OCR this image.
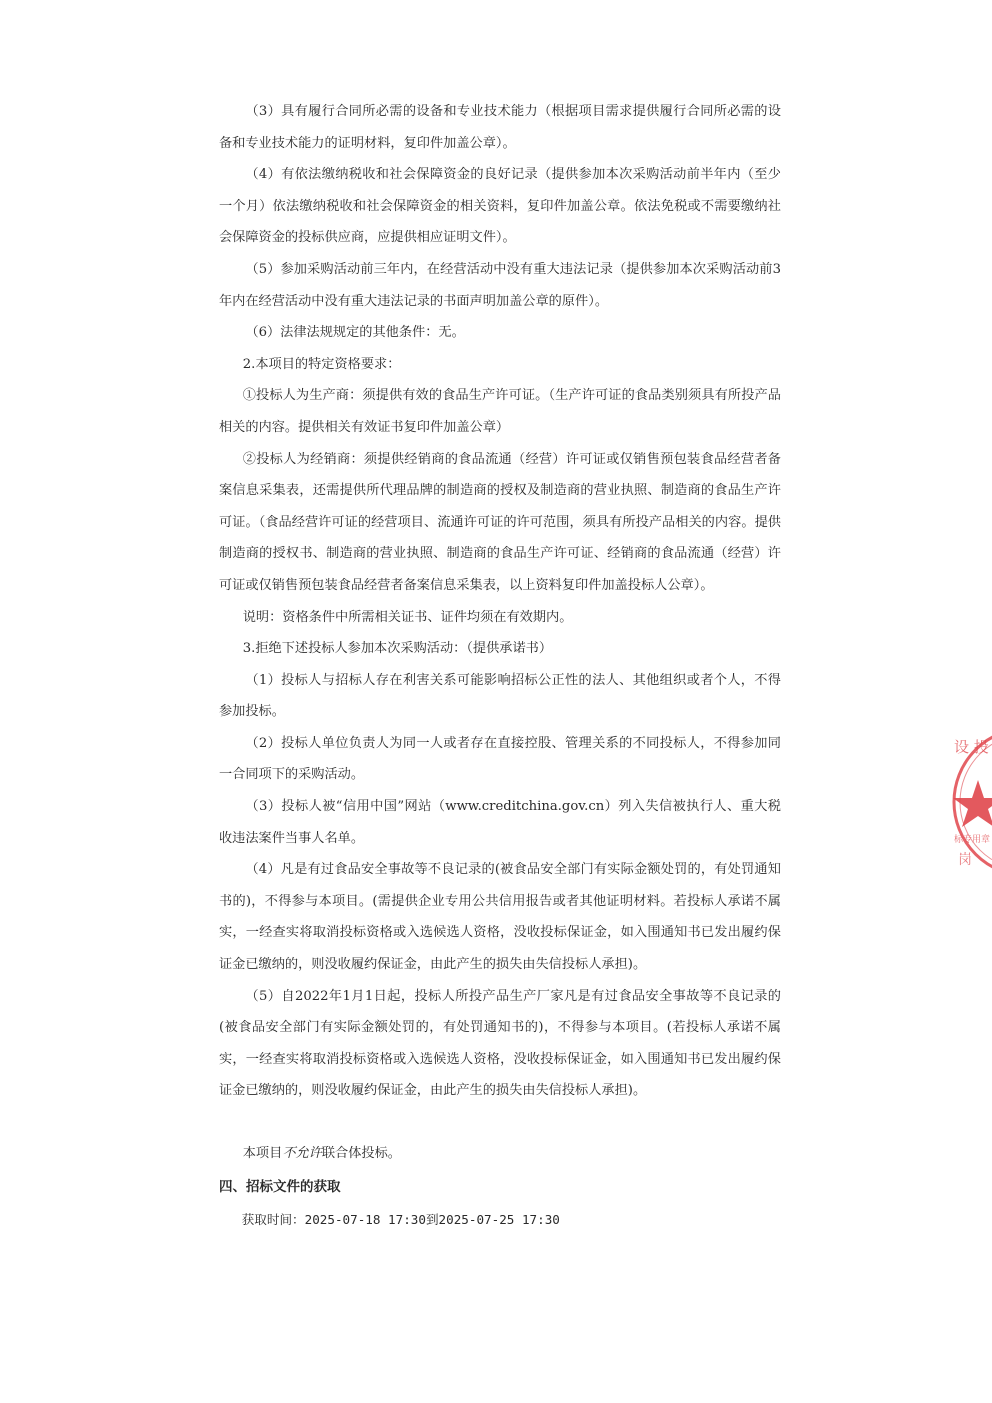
（3）具有履行合同所必需的设备和专业技术能力（根据项目需求提供履行合同所必需的设备和专业技术能力的证明材料，复印件加盖公章）。

（4）有依法缴纳税收和社会保障资金的良好记录（提供参加本次采购活动前半年内（至少一个月）依法缴纳税收和社会保障资金的相关资料，复印件加盖公章。依法免税或不需要缴纳社会保障资金的投标供应商，应提供相应证明文件）。

（5）参加采购活动前三年内，在经营活动中没有重大违法记录（提供参加本次采购活动前3年内在经营活动中没有重大违法记录的书面声明加盖公章的原件）。

（6）法律法规规定的其他条件：无。

2.本项目的特定资格要求：

①投标人为生产商：须提供有效的食品生产许可证。（生产许可证的食品类别须具有所投产品相关的内容。提供相关有效证书复印件加盖公章）

②投标人为经销商：须提供经销商的食品流通（经营）许可证或仅销售预包装食品经营者备案信息采集表，还需提供所代理品牌的制造商的授权及制造商的营业执照、制造商的食品生产许可证。（食品经营许可证的经营项目、流通许可证的许可范围，须具有所投产品相关的内容。提供制造商的授权书、制造商的营业执照、制造商的食品生产许可证、经销商的食品流通（经营）许可证或仅销售预包装食品经营者备案信息采集表，以上资料复印件加盖投标人公章）。

说明：资格条件中所需相关证书、证件均须在有效期内。

3.拒绝下述投标人参加本次采购活动：（提供承诺书）

（1）投标人与招标人存在利害关系可能影响招标公正性的法人、其他组织或者个人，不得参加投标。

（2）投标人单位负责人为同一人或者存在直接控股、管理关系的不同投标人，不得参加同一合同项下的采购活动。

（3）投标人被“信用中国”网站（www.creditchina.gov.cn）列入失信被执行人、重大税收违法案件当事人名单。

（4）凡是有过食品安全事故等不良记录的(被食品安全部门有实际金额处罚的，有处罚通知书的)，不得参与本项目。(需提供企业专用公共信用报告或者其他证明材料。若投标人承诺不属实，一经查实将取消投标资格或入选候选人资格，没收投标保证金，如入围通知书已发出履约保证金已缴纳的，则没收履约保证金，由此产生的损失由失信投标人承担)。

（5）自2022年1月1日起，投标人所投产品生产厂家凡是有过食品安全事故等不良记录的(被食品安全部门有实际金额处罚的，有处罚通知书的)，不得参与本项目。(若投标人承诺不属实，一经查实将取消投标资格或入选候选人资格，没收投标保证金，如入围通知书已发出履约保证金已缴纳的，则没收履约保证金，由此产生的损失由失信投标人承担)。

本项目不允许联合体投标。

四、招标文件的获取

获取时间：2025-07-18 17:30到2025-07-25 17:30

设 投
标专用章
岗
